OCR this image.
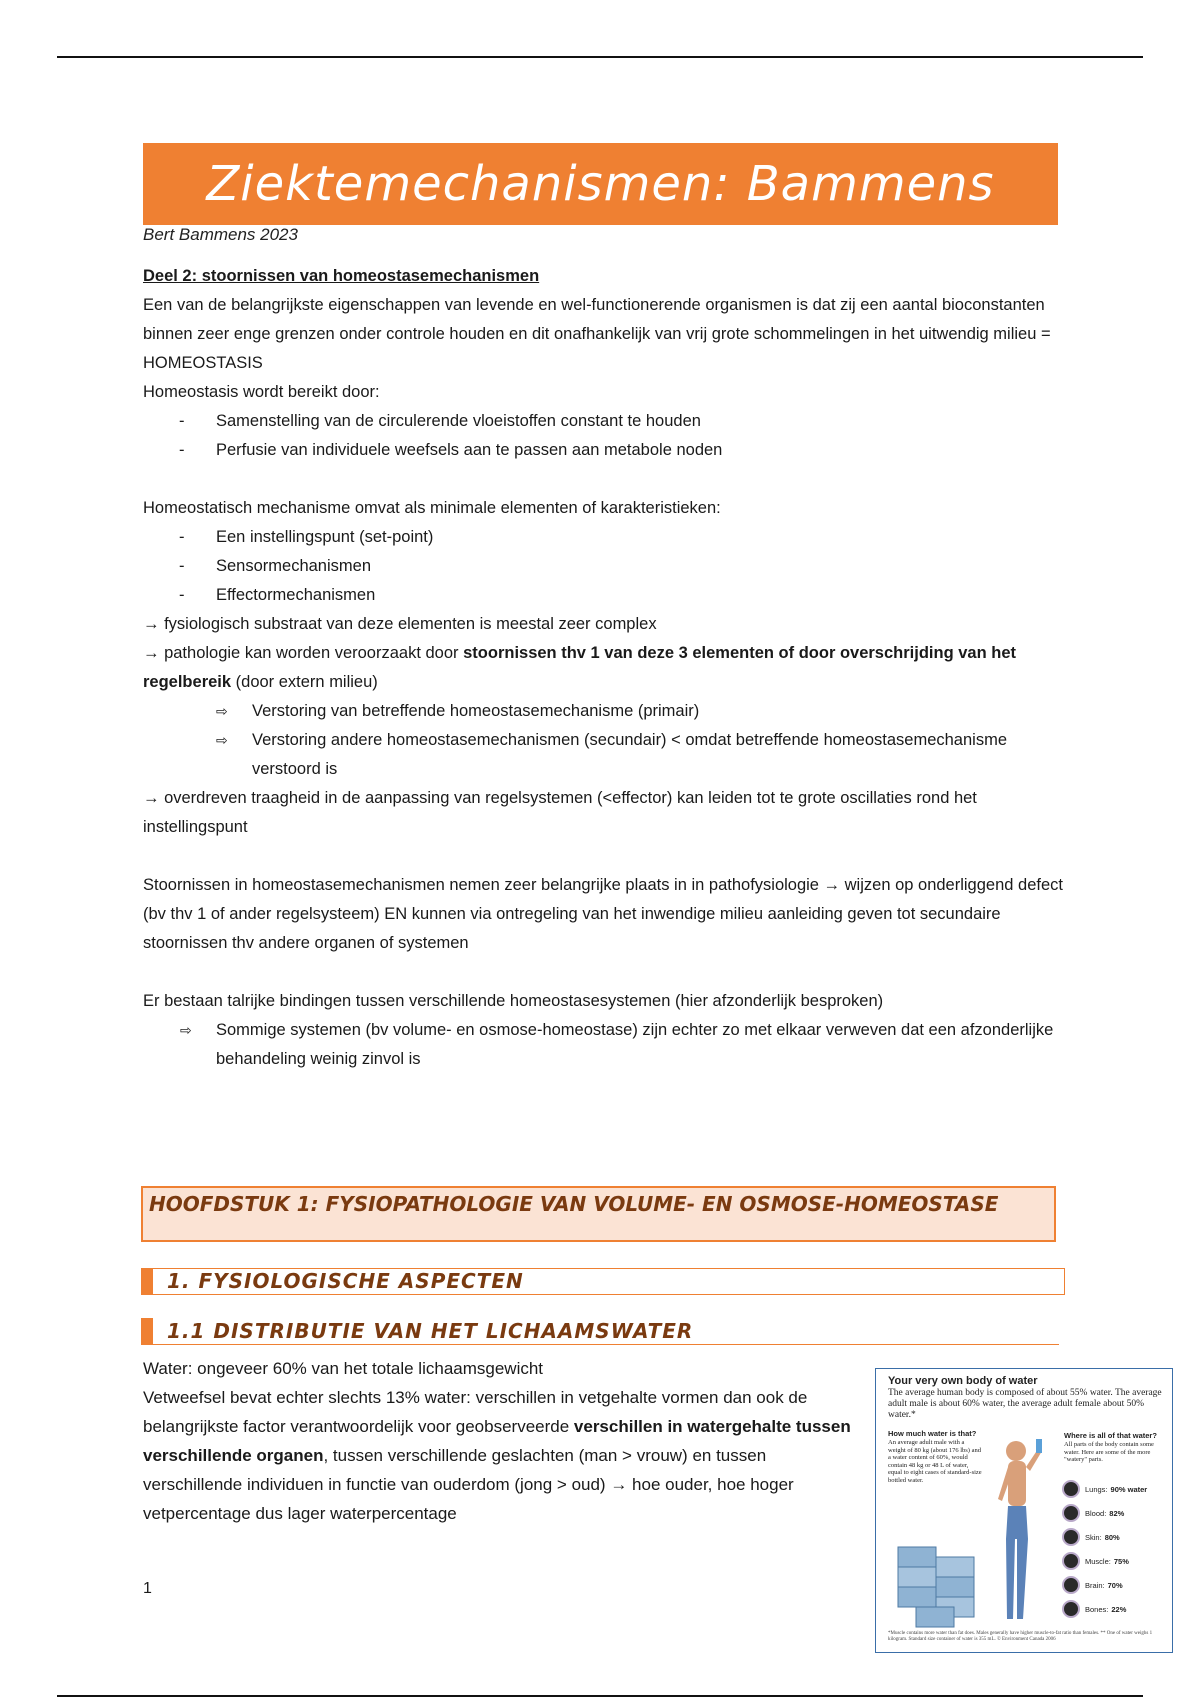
Ziektemechanismen: Bammens
Bert Bammens 2023

Deel 2: stoornissen van homeostasemechanismen

Een van de belangrijkste eigenschappen van levende en wel-functionerende organismen is dat zij een aantal bioconstanten binnen zeer enge grenzen onder controle houden en dit onafhankelijk van vrij grote schommelingen in het uitwendig milieu = HOMEOSTASIS

Homeostasis wordt bereikt door:

- Samenstelling van de circulerende vloeistoffen constant te houden

- Perfusie van individuele weefsels aan te passen aan metabole noden

Homeostatisch mechanisme omvat als minimale elementen of karakteristieken:

- Een instellingspunt (set-point)

- Sensormechanismen

- Effectormechanismen

→ fysiologisch substraat van deze elementen is meestal zeer complex

→ pathologie kan worden veroorzaakt door stoornissen thv 1 van deze 3 elementen of door overschrijding van het regelbereik (door extern milieu)

⇨ Verstoring van betreffende homeostasemechanisme (primair)

⇨ Verstoring andere homeostasemechanismen (secundair) < omdat betreffende homeostasemechanisme verstoord is

→ overdreven traagheid in de aanpassing van regelsystemen (<effector) kan leiden tot te grote oscillaties rond het instellingspunt

Stoornissen in homeostasemechanismen nemen zeer belangrijke plaats in in pathofysiologie → wijzen op onderliggend defect (bv thv 1 of ander regelsysteem) EN kunnen via ontregeling van het inwendige milieu aanleiding geven tot secundaire stoornissen thv andere organen of systemen

Er bestaan talrijke bindingen tussen verschillende homeostasesystemen (hier afzonderlijk besproken)

⇨ Sommige systemen (bv volume- en osmose-homeostase) zijn echter zo met elkaar verweven dat een afzonderlijke behandeling weinig zinvol is

HOOFDSTUK 1: FYSIOPATHOLOGIE VAN VOLUME- EN OSMOSE-HOMEOSTASE
1. FYSIOLOGISCHE ASPECTEN
1.1 DISTRIBUTIE VAN HET LICHAAMSWATER

Water: ongeveer 60% van het totale lichaamsgewicht

Vetweefsel bevat echter slechts 13% water: verschillen in vetgehalte vormen dan ook de belangrijkste factor verantwoordelijk voor geobserveerde verschillen in watergehalte tussen verschillende organen, tussen verschillende geslachten (man > vrouw) en tussen verschillende individuen in functie van ouderdom (jong > oud) → hoe ouder, hoe hoger vetpercentage dus lager waterpercentage

Your very own body of water
The average human body is composed of about 55% water. The average adult male is about 60% water, the average adult female about 50% water.*
How much water is that?
An average adult male with a weight of 80 kg (about 176 lbs) and a water content of 60%, would contain 48 kg or 48 L of water, equal to eight cases of standard-size bottled water.
Where is all of that water?
All parts of the body contain some water. Here are some of the more "watery" parts.
Lungs : 90% water
Blood : 82%
Skin : 80%
Muscle : 75%
Brain : 70%
Bones : 22%
*Muscle contains more water than fat does. Males generally have higher muscle-to-fat ratio than females. ** One of water weighs 1 kilogram. Standard size container of water is 355 mL. © Environment Canada 2006
1
